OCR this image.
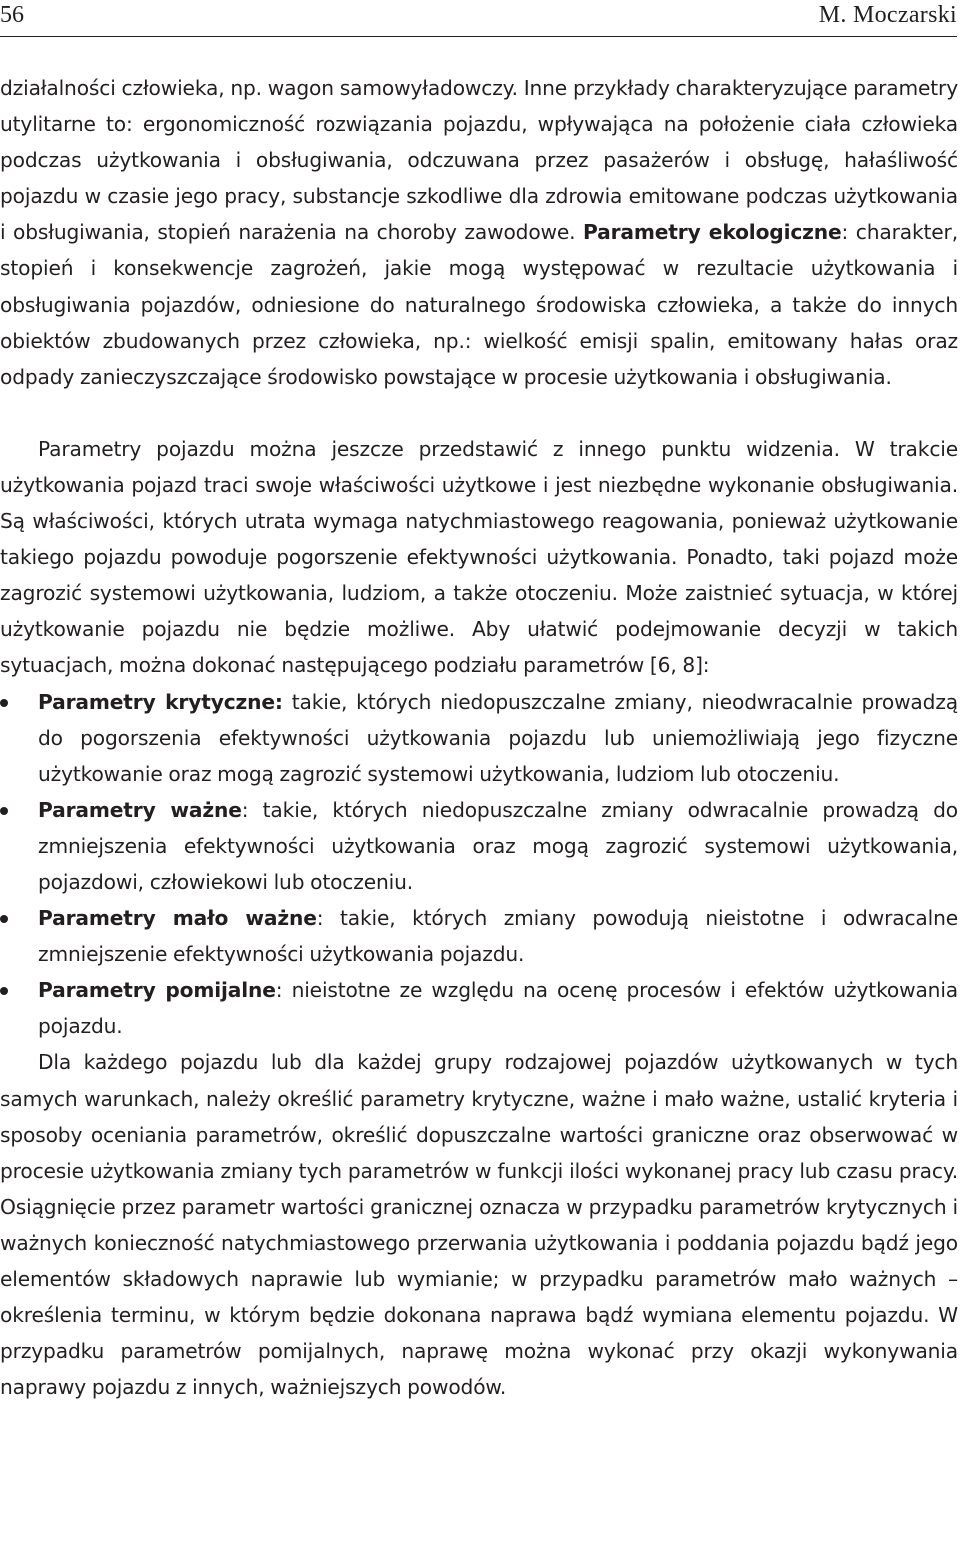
56	M. Moczarski

działalności człowieka, np. wagon samowyładowczy. Inne przykłady charakteryzujące parametry utylitarne to: ergonomiczność rozwiązania pojazdu, wpływająca na położenie ciała człowieka podczas użytkowania i obsługiwania, odczuwana przez pasażerów i obsługę, hałaśliwość pojazdu w czasie jego pracy, substancje szkodliwe dla zdrowia emitowane podczas użytkowania i obsługiwania, stopień narażenia na choroby zawodowe. Parametry ekologiczne: charakter, stopień i konsekwencje zagrożeń, jakie mogą występować w rezultacie użytkowania i obsługiwania pojazdów, odniesione do naturalnego środowiska człowieka, a także do innych obiektów zbudowanych przez człowieka, np.: wielkość emisji spalin, emitowany hałas oraz odpady zanieczyszczające środowisko powstające w procesie użytkowania i obsługiwania.

Parametry pojazdu można jeszcze przedstawić z innego punktu widzenia. W trakcie użytkowania pojazd traci swoje właściwości użytkowe i jest niezbędne wykonanie obsługiwania. Są właściwości, których utrata wymaga natychmiastowego reagowania, ponieważ użytkowanie takiego pojazdu powoduje pogorszenie efektywności użytkowania. Ponadto, taki pojazd może zagrozić systemowi użytkowania, ludziom, a także otoczeniu. Może zaistnieć sytuacja, w której użytkowanie pojazdu nie będzie możliwe. Aby ułatwić podejmowanie decyzji w takich sytuacjach, można dokonać następującego podziału parametrów [6, 8]:

Parametry krytyczne: takie, których niedopuszczalne zmiany, nieodwracalnie prowadzą do pogorszenia efektywności użytkowania pojazdu lub uniemożliwiają jego fizyczne użytkowanie oraz mogą zagrozić systemowi użytkowania, ludziom lub otoczeniu.
Parametry ważne: takie, których niedopuszczalne zmiany odwracalnie prowadzą do zmniejszenia efektywności użytkowania oraz mogą zagrozić systemowi użytkowania, pojazdowi, człowiekowi lub otoczeniu.
Parametry mało ważne: takie, których zmiany powodują nieistotne i odwracalne zmniejszenie efektywności użytkowania pojazdu.
Parametry pomijalne: nieistotne ze względu na ocenę procesów i efektów użytkowania pojazdu.

Dla każdego pojazdu lub dla każdej grupy rodzajowej pojazdów użytkowanych w tych samych warunkach, należy określić parametry krytyczne, ważne i mało ważne, ustalić kryteria i sposoby oceniania parametrów, określić dopuszczalne wartości graniczne oraz obserwować w procesie użytkowania zmiany tych parametrów w funkcji ilości wykonanej pracy lub czasu pracy. Osiągnięcie przez parametr wartości granicznej oznacza w przypadku parametrów krytycznych i ważnych konieczność natychmiastowego przerwania użytkowania i poddania pojazdu bądź jego elementów składowych naprawie lub wymianie; w przypadku parametrów mało ważnych – określenia terminu, w którym będzie dokonana naprawa bądź wymiana elementu pojazdu. W przypadku parametrów pomijalnych, naprawę można wykonać przy okazji wykonywania naprawy pojazdu z innych, ważniejszych powodów.
